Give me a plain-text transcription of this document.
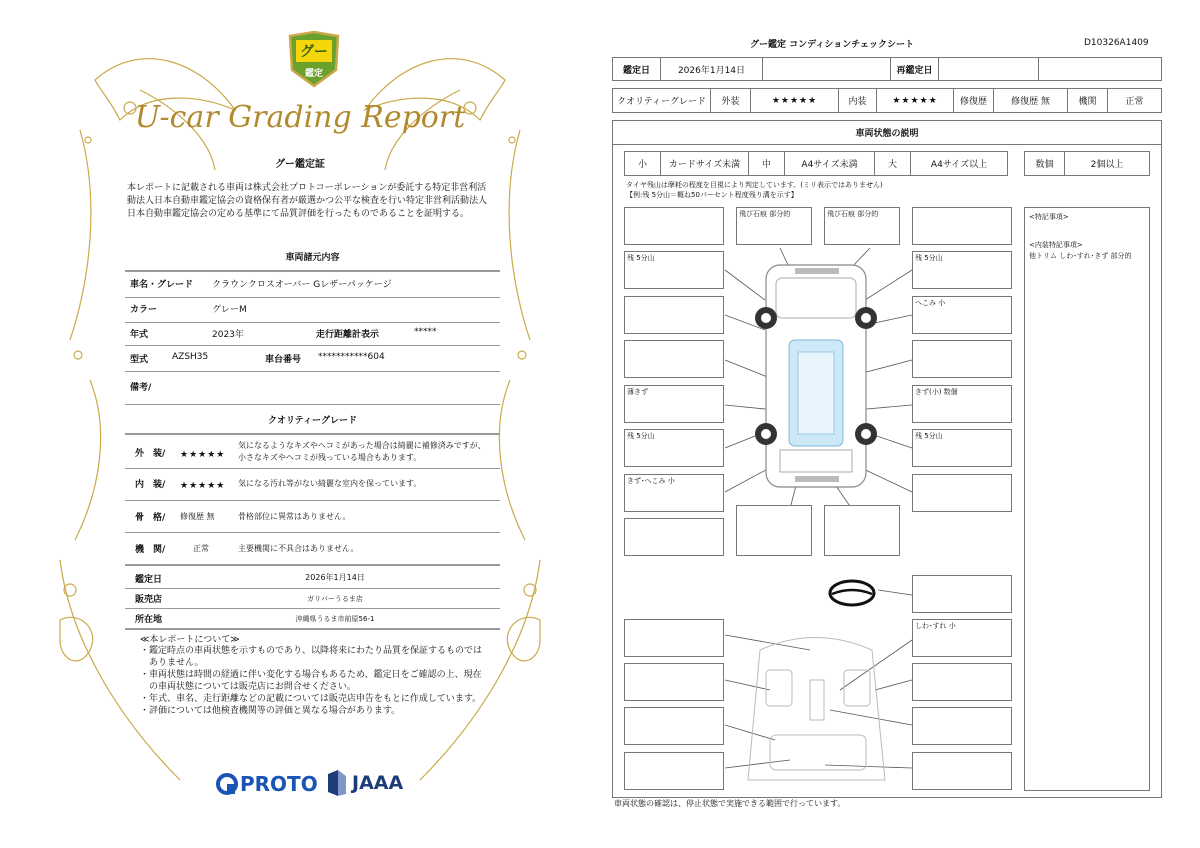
グー
鑑定
U-car Grading Report
グー鑑定証
本レポートに記載される車両は株式会社プロトコーポレーションが委託する特定非営利活動法人日本自動車鑑定協会の資格保有者が厳選かつ公平な検査を行い特定非営利活動法人日本自動車鑑定協会の定める基準にて品質評価を行ったものであることを証明する。
車両諸元内容
車名・グレード クラウンクロスオーバー Gレザーパッケージ
カラー	グレーM
年式	2023年	走行距離計表示	*****
型式	AZSH35	車台番号 ***********604
備考/
クオリティーグレード
外　装/ ★★★★★
気になるようなキズやヘコミがあった場合は綺麗に補修済みですが、小さなキズやヘコミが残っている場合もあります。
内　装/ ★★★★★ 気になる汚れ等がない綺麗な室内を保っています。
骨　格/ 修復歴 無	骨格部位に異常はありません。
機　関/	正常	主要機関に不具合はありません。
鑑定日	2026年1月14日
販売店	ガリバーうるま店
所在地	沖縄県うるま市前原56-1
≪本レポートについて≫
・ 鑑定時点の車両状態を示すものであり、以降将来にわたり品質を保証するものではありません。
・ 車両状態は時間の経過に伴い変化する場合もあるため、鑑定日をご確認の上、現在の車両状態については販売店にお問合せください。
・ 年式、車名、走行距離などの記載については販売店申告をもとに作成しています。
・ 評価については他検査機関等の評価と異なる場合があります。
PROTO JAAA
グー鑑定 コンディションチェックシート	D10326A1409
鑑定日	2026年1月14日	再鑑定日
クオリティーグレード	外装	★★★★★	内装	★★★★★	修復歴	修復歴 無	機関	正常
車両状態の説明
小	カードサイズ未満	中	A4サイズ未満	大	A4サイズ以上	数個	2個以上
タイヤ残山は摩耗の程度を目視により判定しています。(ミリ表示ではありません)
【例:残 5分山＝概ね50パーセント程度残り溝を示す】
残 5分山
薄きず
残 5分山
きず･へこみ 小
飛び石痕 部分的	飛び石痕 部分的
残 5分山
へこみ 小
きず(小) 数個
残 5分山
しわ･すれ 小
<特記事項>
<内装特記事項>
他トリム しわ･すれ･きず 部分的
車両状態の確認は、停止状態で実施できる範囲で行っています。
